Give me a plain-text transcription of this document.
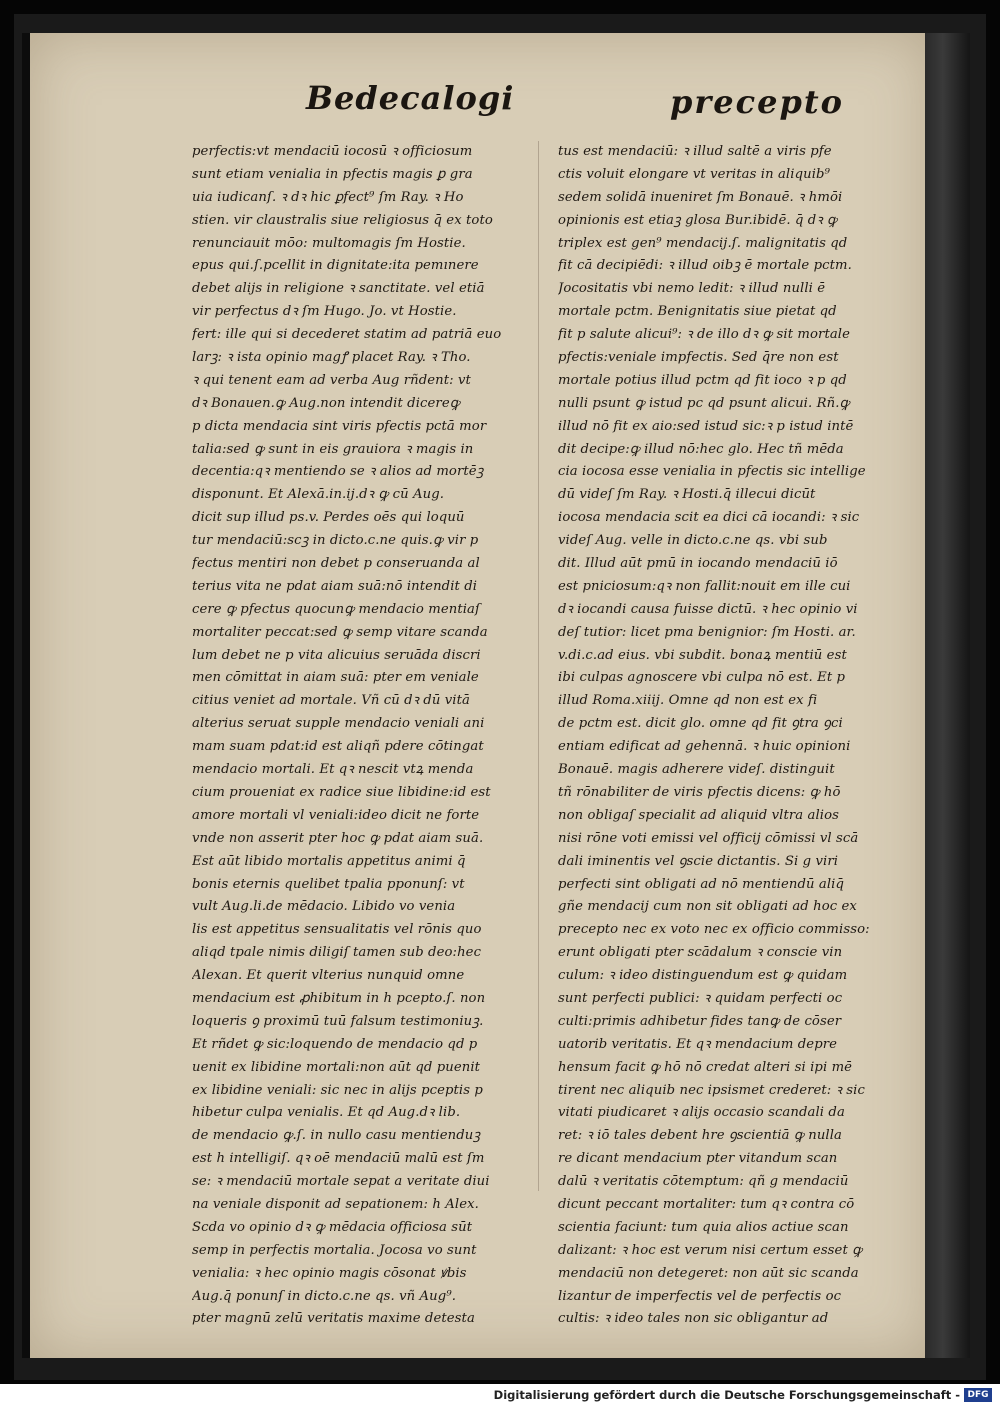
Bedecalogi	precepto
perfectis:vt mendaciū iocosū ꝛ officiosum
sunt etiam venialia in pfectis magis ꝑ gra
uia iudicanſ. ꝛ dꝛ hic ꝑfect⁹ ſm Ray. ꝛ Ho
stien. vir claustralis siue religiosus q̄ ex toto
renunciauit mōo: multomagis ſm Hostie.
epus qui.ſ.pcellit in dignitate:ita pemınere
debet alijs in religione ꝛ sanctitate. vel etiā
vir perfectus dꝛ ſm Hugo. Jo. vt Hostie.
fert: ille qui si decederet statim ad patriā euo
larꝫ: ꝛ ista opinio magꝭ placet Ray. ꝛ Tho.
ꝛ qui tenent eam ad verba Aug rñdent: vt
dꝛ Bonauen.ꝙ Aug.non intendit dicereꝙ
p dicta mendacia sint viris pfectis pctā mor
talia:sed ꝙ sunt in eis grauiora ꝛ magis in
decentia:qꝛ mentiendo se ꝛ alios ad mortēꝫ
disponunt. Et Alexā.in.ij.dꝛ ꝙ cū Aug.
dicit sup illud ps.v. Perdes oēs qui loquū
tur mendaciū:scꝫ in dicto.c.ne quis.ꝙ vir p
fectus mentiri non debet p conseruanda al
terius vita ne pdat aiam suā:nō intendit di
cere ꝙ pfectus quocunꝙ mendacio mentiaſ
mortaliter peccat:sed ꝙ semp vitare scanda
lum debet ne p vita alicuius seruāda discri
men cōmittat in aiam suā: pter em veniale
citius veniet ad mortale. Vñ cū dꝛ dū vitā
alterius seruat supple mendacio veniali ani
mam suam pdat:id est aliqñ pdere cōtingat
mendacio mortali. Et qꝛ nescit vtꝝ menda
cium proueniat ex radice siue libidine:id est
amore mortali vl veniali:ideo dicit ne forte
vnde non asserit pter hoc ꝙ pdat aiam suā.
Est aūt libido mortalis appetitus animi q̄
bonis eternis quelibet tpalia pponunſ: vt
vult Aug.li.de mēdacio. Libido vo venia
lis est appetitus sensualitatis vel rōnis quo
aliqd tpale nimis diligiſ tamen sub deo:hec
Alexan. Et querit vlterius nunquid omne
mendacium est ꝓhibitum in h pcepto.ſ. non
loqueris ꝯ proximū tuū falsum testimoniuꝫ.
Et rñdet ꝙ sic:loquendo de mendacio qd p
uenit ex libidine mortali:non aūt qd puenit
ex libidine veniali: sic nec in alijs pceptis p
hibetur culpa venialis. Et qd Aug.dꝛ lib.
de mendacio ꝙ.ſ. in nullo casu mentienduꝫ
est h intelligiſ. qꝛ oē mendaciū malū est ſm
se: ꝛ mendaciū mortale sepat a veritate diui
na veniale disponit ad sepationem: h Alex.
Scda vo opinio dꝛ ꝙ mēdacia officiosa sūt
semp in perfectis mortalia. Jocosa vo sunt
venialia: ꝛ hec opinio magis cōsonat ꝟbis
Aug.q̄ ponunſ in dicto.c.ne qs. vñ Aug⁹.
pter magnū zelū veritatis maxime detesta
tus est mendaciū: ꝛ illud saltē a viris pfe
ctis voluit elongare vt veritas in aliquib⁹
sedem solidā inueniret ſm Bonauē. ꝛ hmōi
opinionis est etiaꝫ glosa Bur.ibidē. q̄ dꝛ ꝙ
triplex est gen⁹ mendacij.ſ. malignitatis qd
fit cā decipiēdi: ꝛ illud oibꝫ ē mortale pctm.
Jocositatis vbi nemo ledit: ꝛ illud nulli ē
mortale pctm. Benignitatis siue pietat qd
fit p salute alicui⁹: ꝛ de illo dꝛ ꝙ sit mortale
pfectis:veniale impfectis. Sed q̄re non est
mortale potius illud pctm qd fit ioco ꝛ p qd
nulli psunt ꝙ istud pc qd psunt alicui. Rñ.ꝙ
illud nō fit ex aio:sed istud sic:ꝛ p istud intē
dit decipe:ꝙ illud nō:hec glo. Hec tñ mēda
cia iocosa esse venialia in pfectis sic intellige
dū videſ ſm Ray. ꝛ Hosti.q̄ illecui dicūt
iocosa mendacia scit ea dici cā iocandi: ꝛ sic
videſ Aug. velle in dicto.c.ne qs. vbi sub
dit. Illud aūt pmū in iocando mendaciū iō
est pniciosum:qꝛ non fallit:nouit em ille cui
dꝛ iocandi causa fuisse dictū. ꝛ hec opinio vi
deſ tutior: licet pma benignior: ſm Hosti. ar.
v.di.c.ad eius. vbi subdit. bonaꝝ mentiū est
ibi culpas agnoscere vbi culpa nō est. Et p
illud Roma.xiiij. Omne qd non est ex fi
de pctm est. dicit glo. omne qd fit ꝯtra ꝯci
entiam edificat ad gehennā. ꝛ huic opinioni
Bonauē. magis adherere videſ. distinguit
tñ rōnabiliter de viris pfectis dicens: ꝙ hō
non obligaſ specialit ad aliquid vltra alios
nisi rōne voti emissi vel officij cōmissi vl scā
dali iminentis vel ꝯscie dictantis. Si g viri
perfecti sint obligati ad nō mentiendū aliq̄
gñe mendacij cum non sit obligati ad hoc ex
precepto nec ex voto nec ex officio commisso:
erunt obligati pter scādalum ꝛ conscie vin
culum: ꝛ ideo distinguendum est ꝙ quidam
sunt perfecti publici: ꝛ quidam perfecti oc
culti:primis adhibetur fides tanꝙ de cōser
uatorib veritatis. Et qꝛ mendacium depre
hensum facit ꝙ hō nō credat alteri si ipi mē
tirent nec aliquib nec ipsismet crederet: ꝛ sic
vitati piudicaret ꝛ alijs occasio scandali da
ret: ꝛ iō tales debent hre ꝯscientiā ꝙ nulla
re dicant mendacium pter vitandum scan
dalū ꝛ veritatis cōtemptum: qñ g mendaciū
dicunt peccant mortaliter: tum qꝛ contra cō
scientia faciunt: tum quia alios actiue scan
dalizant: ꝛ hoc est verum nisi certum esset ꝙ
mendaciū non detegeret: non aūt sic scanda
lizantur de imperfectis vel de perfectis oc
cultis: ꝛ ideo tales non sic obligantur ad
Digitalisierung gefördert durch die Deutsche Forschungsgemeinschaft - DFG
